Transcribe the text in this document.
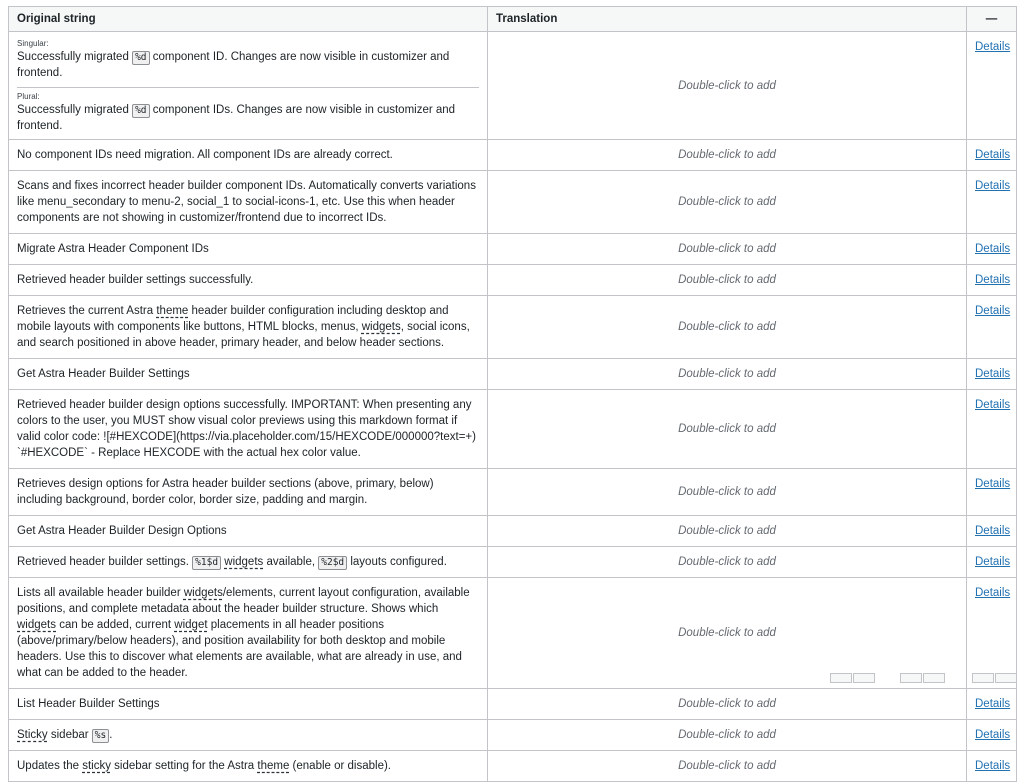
Original string	Translation	—

Singular:
Successfully migrated %d component ID. Changes are now visible in customizer and frontend.
Plural:
Successfully migrated %d component IDs. Changes are now visible in customizer and frontend.	Double-click to add	Details
No component IDs need migration. All component IDs are already correct.	Double-click to add	Details
Scans and fixes incorrect header builder component IDs. Automatically converts variations like menu_secondary to menu-2, social_1 to social-icons-1, etc. Use this when header components are not showing in customizer/frontend due to incorrect IDs.	Double-click to add	Details
Migrate Astra Header Component IDs	Double-click to add	Details
Retrieved header builder settings successfully.	Double-click to add	Details
Retrieves the current Astra theme header builder configuration including desktop and mobile layouts with components like buttons, HTML blocks, menus, widgets, social icons, and search positioned in above header, primary header, and below header sections.	Double-click to add	Details
Get Astra Header Builder Settings	Double-click to add	Details
Retrieved header builder design options successfully. IMPORTANT: When presenting any colors to the user, you MUST show visual color previews using this markdown format if valid color code: ![#HEXCODE](https://via.placeholder.com/15/HEXCODE/000000?text=+) `#HEXCODE` - Replace HEXCODE with the actual hex color value.	Double-click to add	Details
Retrieves design options for Astra header builder sections (above, primary, below) including background, border color, border size, padding and margin.	Double-click to add	Details
Get Astra Header Builder Design Options	Double-click to add	Details
Retrieved header builder settings. %1$d widgets available, %2$d layouts configured.	Double-click to add	Details
Lists all available header builder widgets/elements, current layout configuration, available positions, and complete metadata about the header builder structure. Shows which widgets can be added, current widget placements in all header positions (above/primary/below headers), and position availability for both desktop and mobile headers. Use this to discover what elements are available, what are already in use, and what can be added to the header.	Double-click to add	Details
List Header Builder Settings	Double-click to add	Details
Sticky sidebar %s .	Double-click to add	Details
Updates the sticky sidebar setting for the Astra theme (enable or disable).	Double-click to add	Details
